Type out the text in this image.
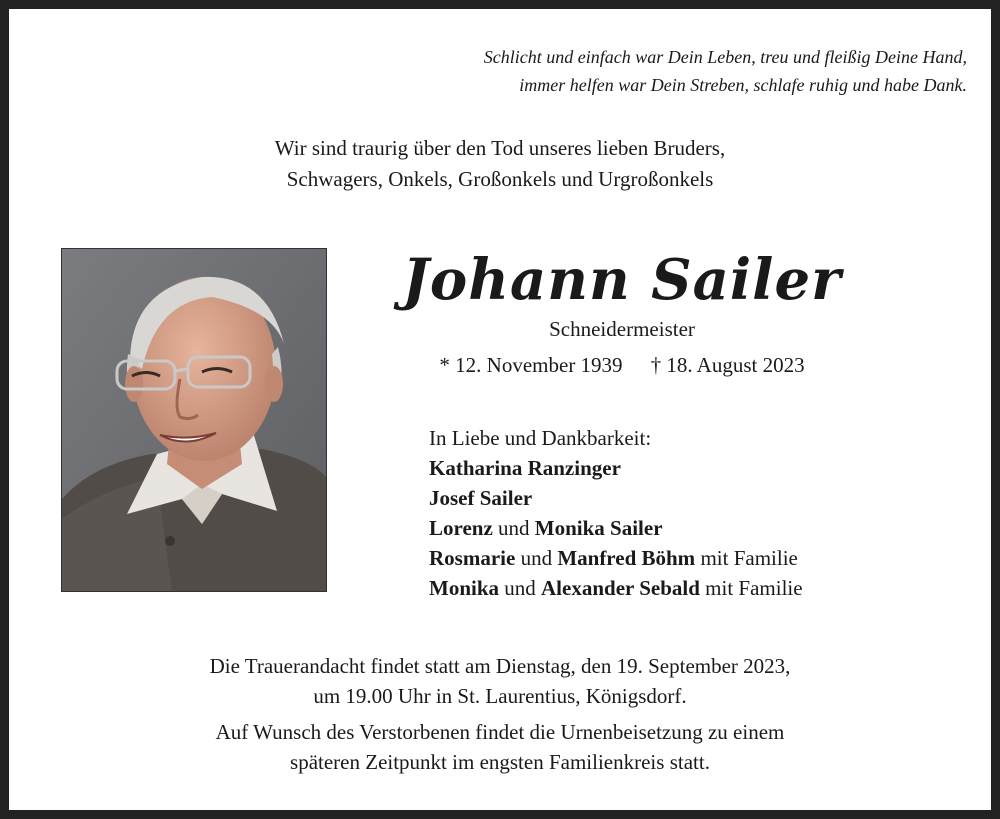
Schlicht und einfach war Dein Leben, treu und fleißig Deine Hand,
immer helfen war Dein Streben, schlafe ruhig und habe Dank.
Wir sind traurig über den Tod unseres lieben Bruders,
Schwagers, Onkels, Großonkels und Urgroßonkels
Johann Sailer
Schneidermeister
* 12. November 1939 † 18. August 2023
In Liebe und Dankbarkeit:
Katharina Ranzinger
Josef Sailer
Lorenz und Monika Sailer
Rosmarie und Manfred Böhm mit Familie
Monika und Alexander Sebald mit Familie
Die Trauerandacht findet statt am Dienstag, den 19. September 2023,
um 19.00 Uhr in St. Laurentius, Königsdorf.
Auf Wunsch des Verstorbenen findet die Urnenbeisetzung zu einem
späteren Zeitpunkt im engsten Familienkreis statt.
